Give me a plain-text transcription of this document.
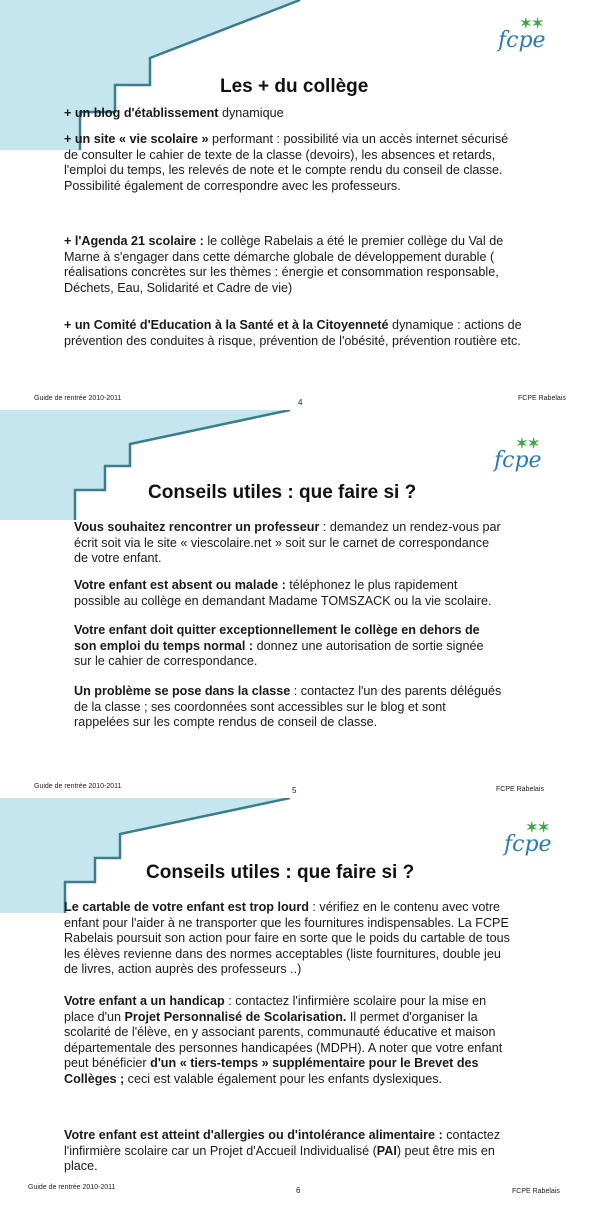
✶✶
fcpe
Les + du collège
+ un blog d'établissement dynamique
+ un site « vie scolaire » performant : possibilité via un accès internet sécurisé de consulter le cahier de texte de la classe (devoirs), les absences et retards, l'emploi du temps, les relevés de note et le compte rendu du conseil de classe. Possibilité également de correspondre avec les professeurs.
+ l'Agenda 21 scolaire : le collège Rabelais a été le premier collège du Val de Marne à s'engager dans cette démarche globale de développement durable ( réalisations concrètes sur les thèmes : énergie et consommation responsable, Déchets, Eau, Solidarité et Cadre de vie)
+ un Comité d'Education à la Santé et à la Citoyenneté dynamique : actions de prévention des conduites à risque, prévention de l'obésité, prévention routière etc.
Guide de rentrée 2010-2011	4	FCPE Rabelais
✶✶
fcpe
Conseils utiles : que faire si ?
Vous souhaitez rencontrer un professeur : demandez un rendez-vous par écrit soit via le site « viescolaire.net » soit sur le carnet de correspondance de votre enfant.
Votre enfant est absent ou malade : téléphonez le plus rapidement possible au collège en demandant Madame TOMSZACK ou la vie scolaire.
Votre enfant doit quitter exceptionnellement le collège en dehors de son emploi du temps normal : donnez une autorisation de sortie signée sur le cahier de correspondance.
Un problème se pose dans la classe : contactez l'un des parents délégués de la classe ; ses coordonnées sont accessibles sur le blog et sont rappelées sur les compte rendus de conseil de classe.
Guide de rentrée 2010-2011	5	FCPE Rabelais
✶✶
fcpe
Conseils utiles : que faire si ?
Le cartable de votre enfant est trop lourd : vérifiez en le contenu avec votre enfant pour l'aider à ne transporter que les fournitures indispensables. La FCPE Rabelais poursuit son action pour faire en sorte que le poids du cartable de tous les élèves revienne dans des normes acceptables (liste fournitures, double jeu de livres, action auprès des professeurs ..)
Votre enfant a un handicap : contactez l'infirmière scolaire pour la mise en place d'un Projet Personnalisé de Scolarisation. Il permet d'organiser la scolarité de l'élève, en y associant parents, communauté éducative et maison départementale des personnes handicapées (MDPH). A noter que votre enfant peut bénéficier d'un « tiers-temps » supplémentaire pour le Brevet des Collèges ; ceci est valable également pour les enfants dyslexiques.
Votre enfant est atteint d'allergies ou d'intolérance alimentaire : contactez l'infirmière scolaire car un Projet d'Accueil Individualisé (PAI) peut être mis en place.
Guide de rentrée 2010-2011	6	FCPE Rabelais
